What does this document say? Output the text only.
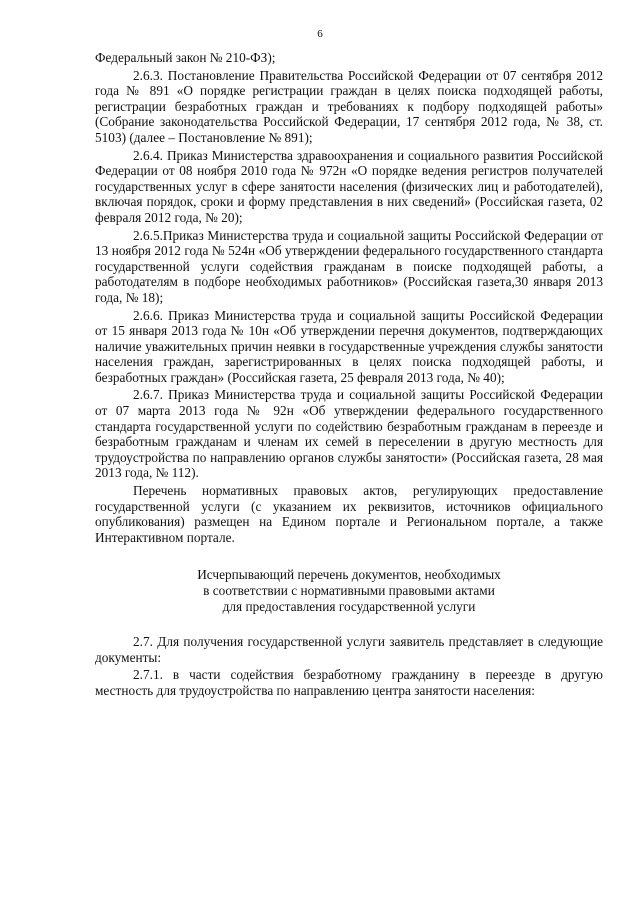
6

Федеральный закон № 210-ФЗ);

2.6.3. Постановление Правительства Российской Федерации от 07 сентября 2012 года № 891 «О порядке регистрации граждан в целях поиска подходящей работы, регистрации безработных граждан и требованиях к подбору подходящей работы» (Собрание законодательства Российской Федерации, 17 сентября 2012 года, № 38, ст. 5103) (далее – Постановление № 891);

2.6.4. Приказ Министерства здравоохранения и социального развития Российской Федерации от 08 ноября 2010 года № 972н «О порядке ведения регистров получателей государственных услуг в сфере занятости населения (физических лиц и работодателей), включая порядок, сроки и форму представления в них сведений» (Российская газета, 02 февраля 2012 года, № 20);

2.6.5.Приказ Министерства труда и социальной защиты Российской Федерации от 13 ноября 2012 года № 524н «Об утверждении федерального государственного стандарта государственной услуги содействия гражданам в поиске подходящей работы, а работодателям в подборе необходимых работников» (Российская газета,30 января 2013 года, № 18);

2.6.6. Приказ Министерства труда и социальной защиты Российской Федерации от 15 января 2013 года № 10н «Об утверждении перечня документов, подтверждающих наличие уважительных причин неявки в государственные учреждения службы занятости населения граждан, зарегистрированных в целях поиска подходящей работы, и безработных граждан» (Российская газета, 25 февраля 2013 года, № 40);

2.6.7. Приказ Министерства труда и социальной защиты Российской Федерации от 07 марта 2013 года № 92н «Об утверждении федерального государственного стандарта государственной услуги по содействию безработным гражданам в переезде и безработным гражданам и членам их семей в переселении в другую местность для трудоустройства по направлению органов службы занятости» (Российская газета, 28 мая 2013 года, № 112).

Перечень нормативных правовых актов, регулирующих предоставление государственной услуги (с указанием их реквизитов, источников официального опубликования) размещен на Едином портале и Региональном портале, а также Интерактивном портале.

Исчерпывающий перечень документов, необходимых
в соответствии с нормативными правовыми актами
для предоставления государственной услуги

2.7. Для получения государственной услуги заявитель представляет в следующие документы:

2.7.1. в части содействия безработному гражданину в переезде в другую местность для трудоустройства по направлению центра занятости населения:
